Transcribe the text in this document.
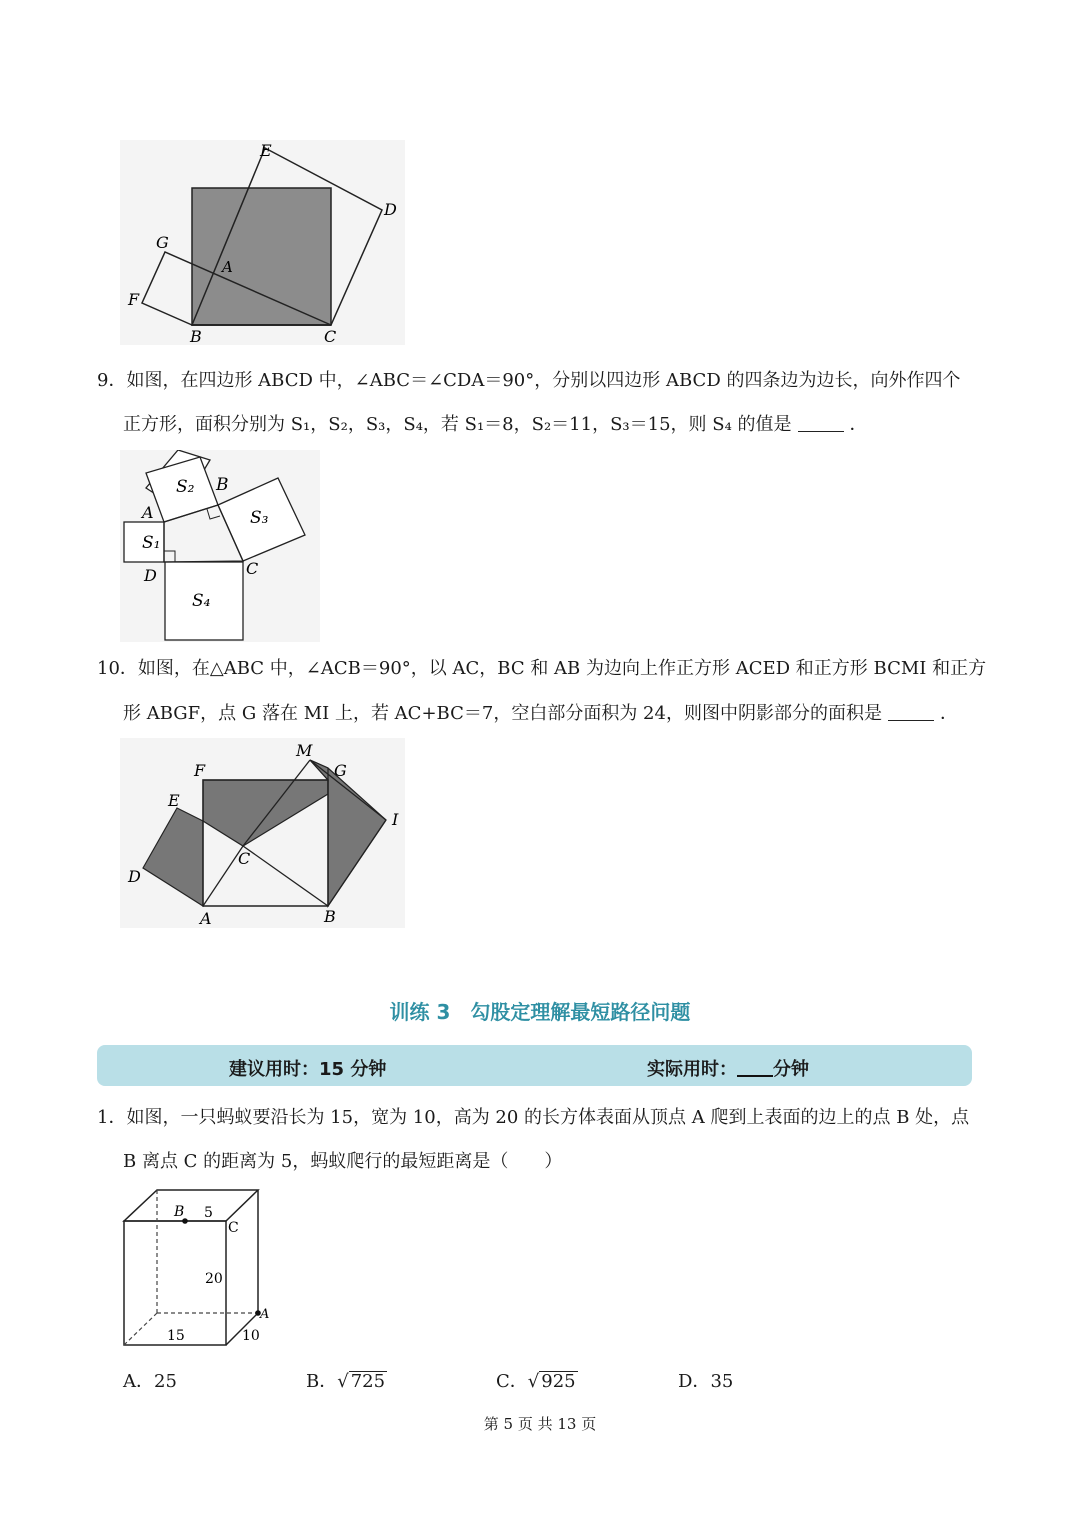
E
D
G
A
F
B	C
9．如图，在四边形 ABCD 中，∠ABC＝∠CDA＝90°，分别以四边形 ABCD 的四条边为边长，向外作四个
正方形，面积分别为 S₁，S₂，S₃，S₄，若 S₁＝8，S₂＝11，S₃＝15，则 S₄ 的值是	．
S₂ B
S₃
A
S₁
C
D
S₄
10．如图，在△ABC 中，∠ACB＝90°，以 AC，BC 和 AB 为边向上作正方形 ACED 和正方形 BCMI 和正方
形 ABGF，点 G 落在 MI 上，若 AC+BC＝7，空白部分面积为 24，则图中阴影部分的面积是	．
M
G
F
E
I
C
D
A	B
训练 3　勾股定理解最短路径问题
建议用时：15 分钟	实际用时： 分钟
1．如图，一只蚂蚁要沿长为 15，宽为 10，高为 20 的长方体表面从顶点 A 爬到上表面的边上的点 B 处，点
B 离点 C 的距离为 5，蚂蚁爬行的最短距离是（　　）
B 5
C
20
A
15	10
A．25	B．√ 725	C．√ 925	D．35
第 5 页 共 13 页
